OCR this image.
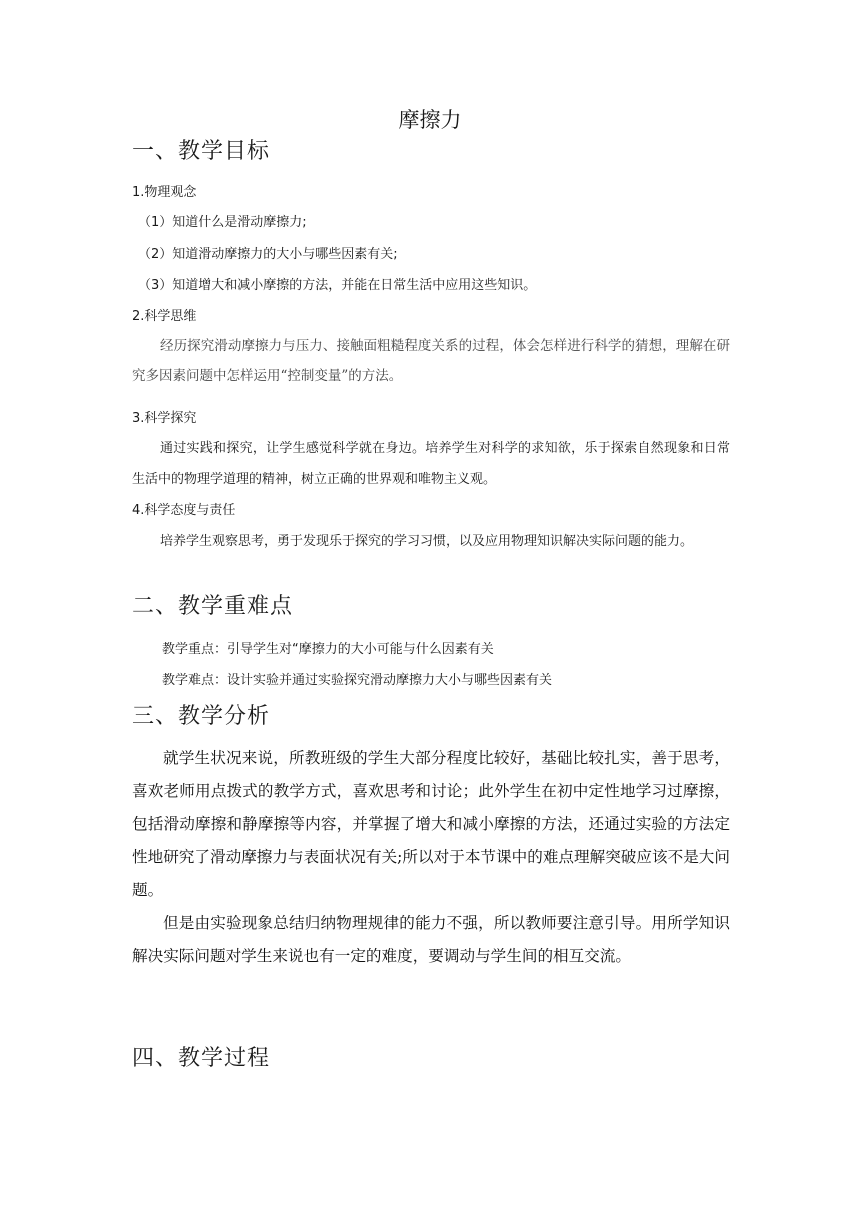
摩擦力
一、教学目标
1.物理观念
（1）知道什么是滑动摩擦力;
（2）知道滑动摩擦力的大小与哪些因素有关;
（3）知道增大和减小摩擦的方法，并能在日常生活中应用这些知识。
2.科学思维
经历探究滑动摩擦力与压力、接触面粗糙程度关系的过程，体会怎样进行科学的猜想，理解在研究多因素问题中怎样运用“控制变量”的方法。
3.科学探究
通过实践和探究，让学生感觉科学就在身边。培养学生对科学的求知欲，乐于探索自然现象和日常生活中的物理学道理的精神，树立正确的世界观和唯物主义观。
4.科学态度与责任
培养学生观察思考，勇于发现乐于探究的学习习惯，以及应用物理知识解决实际问题的能力。
二、教学重难点
教学重点：引导学生对“摩擦力的大小可能与什么因素有关
教学难点：设计实验并通过实验探究滑动摩擦力大小与哪些因素有关
三、教学分析
就学生状况来说，所教班级的学生大部分程度比较好，基础比较扎实，善于思考，喜欢老师用点拨式的教学方式，喜欢思考和讨论；此外学生在初中定性地学习过摩擦，包括滑动摩擦和静摩擦等内容，并掌握了增大和减小摩擦的方法，还通过实验的方法定性地研究了滑动摩擦力与表面状况有关;所以对于本节课中的难点理解突破应该不是大问题。
但是由实验现象总结归纳物理规律的能力不强，所以教师要注意引导。用所学知识解决实际问题对学生来说也有一定的难度，要调动与学生间的相互交流。
四、教学过程
